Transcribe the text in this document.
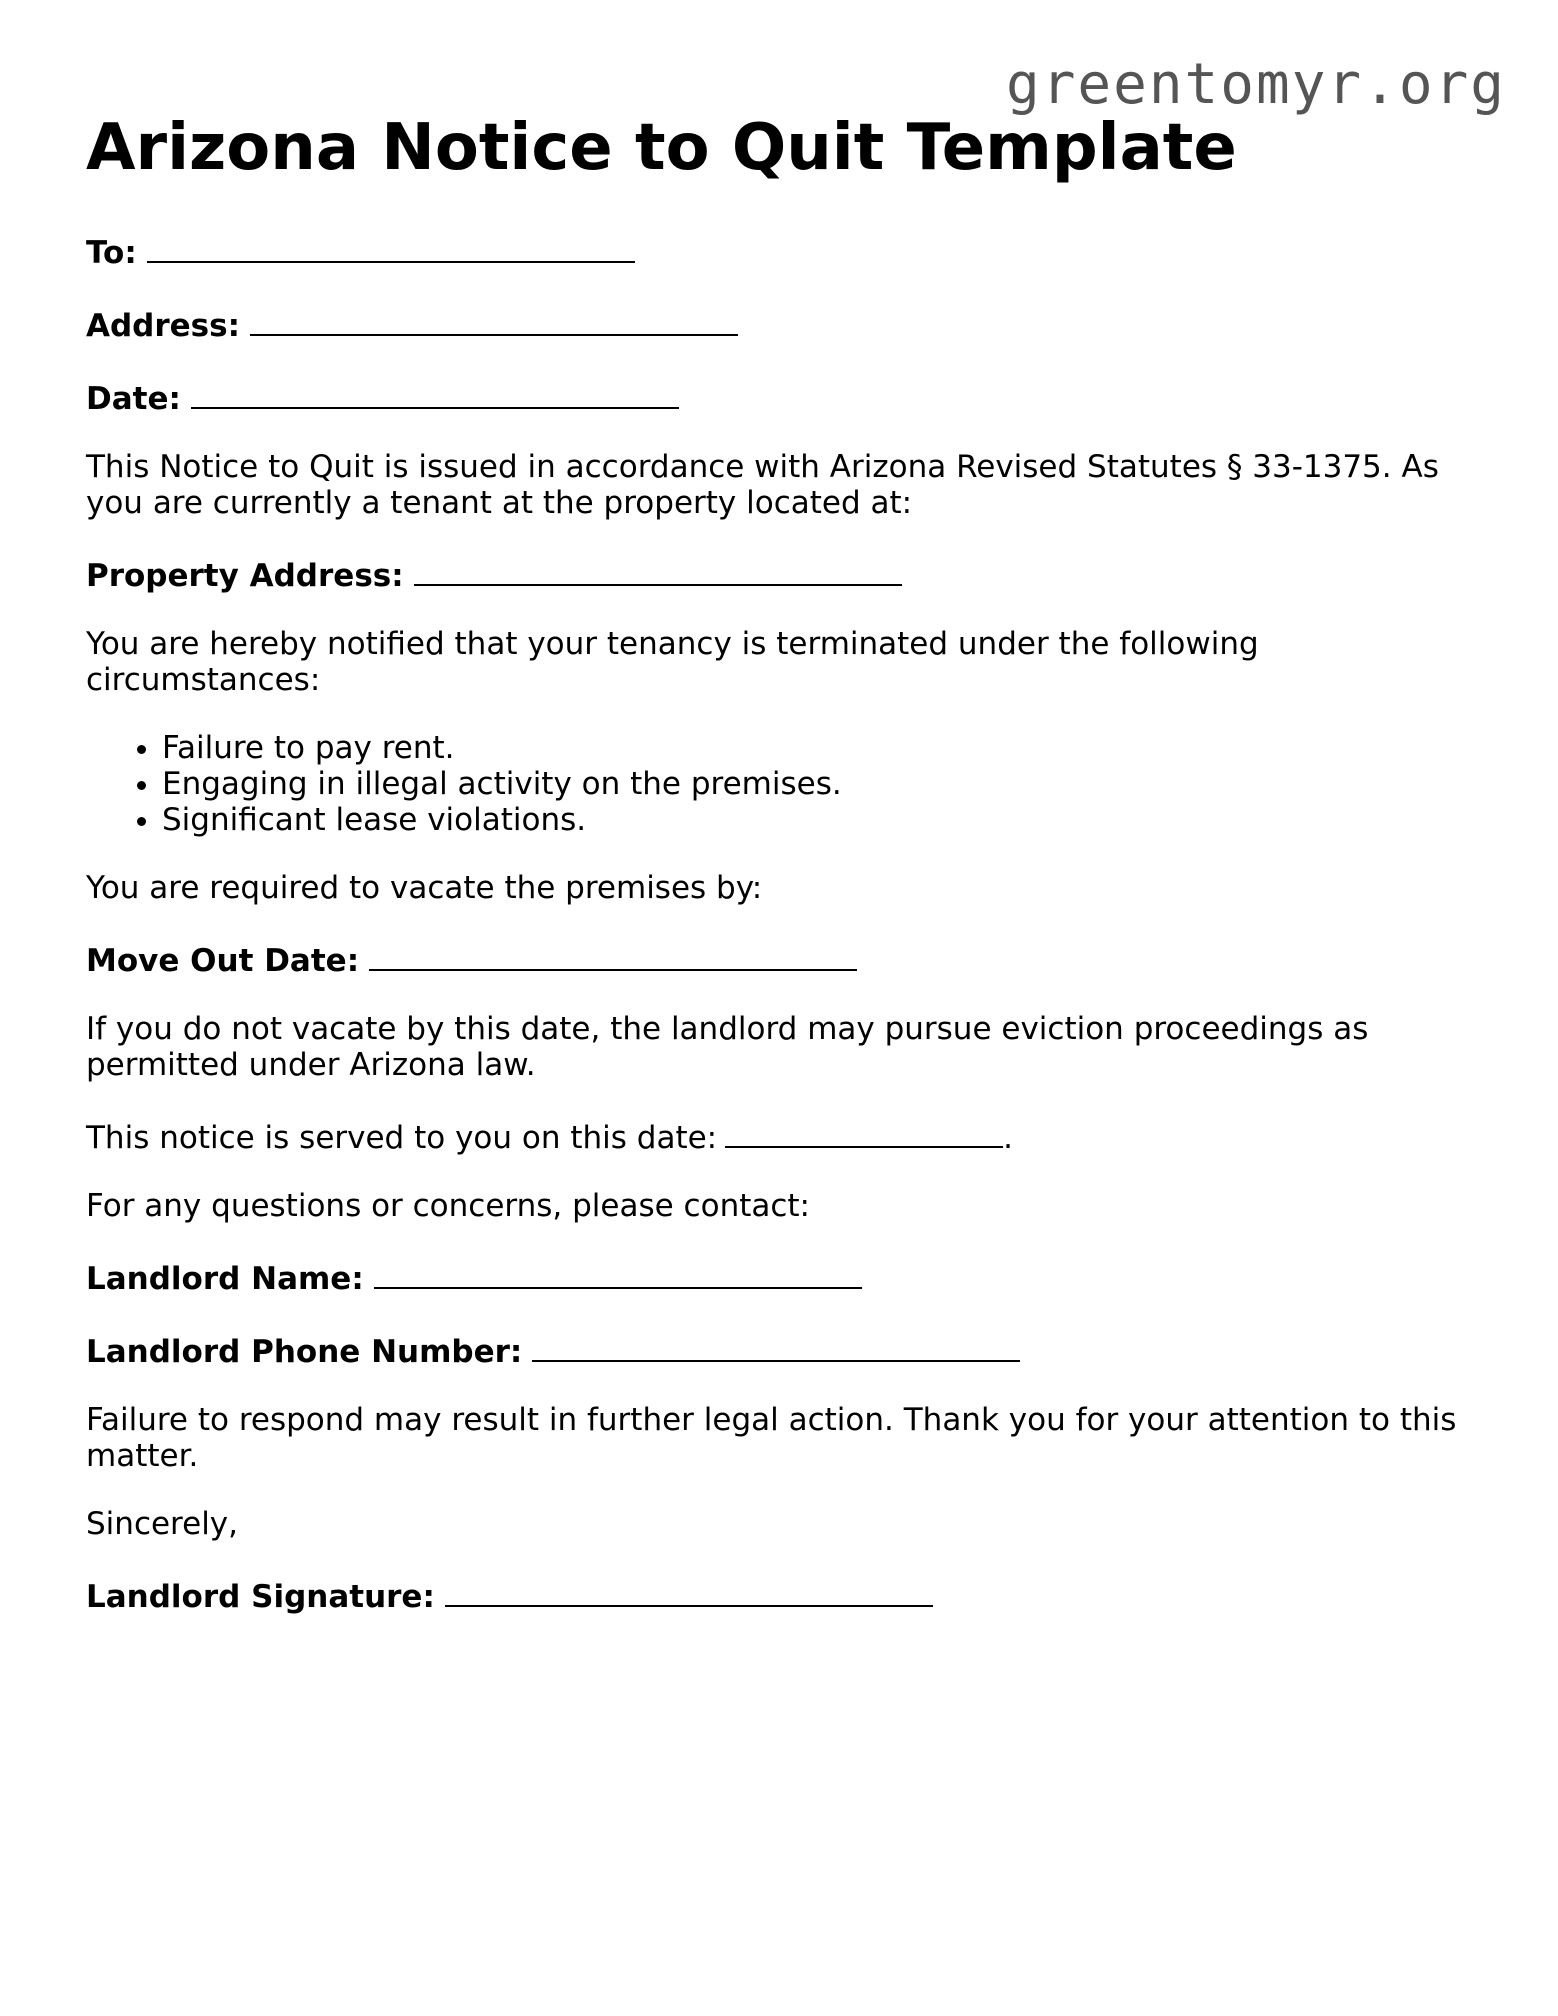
greentomyr.org
Arizona Notice to Quit Template
To:
Address:
Date:

This Notice to Quit is issued in accordance with Arizona Revised Statutes § 33-1375. As you are currently a tenant at the property located at:

Property Address:

You are hereby notified that your tenancy is terminated under the following circumstances:

• Failure to pay rent.
• Engaging in illegal activity on the premises.
• Significant lease violations.

You are required to vacate the premises by:

Move Out Date:

If you do not vacate by this date, the landlord may pursue eviction proceedings as permitted under Arizona law.

This notice is served to you on this date:	.

For any questions or concerns, please contact:

Landlord Name:
Landlord Phone Number:

Failure to respond may result in further legal action. Thank you for your attention to this matter.

Sincerely,

Landlord Signature:
